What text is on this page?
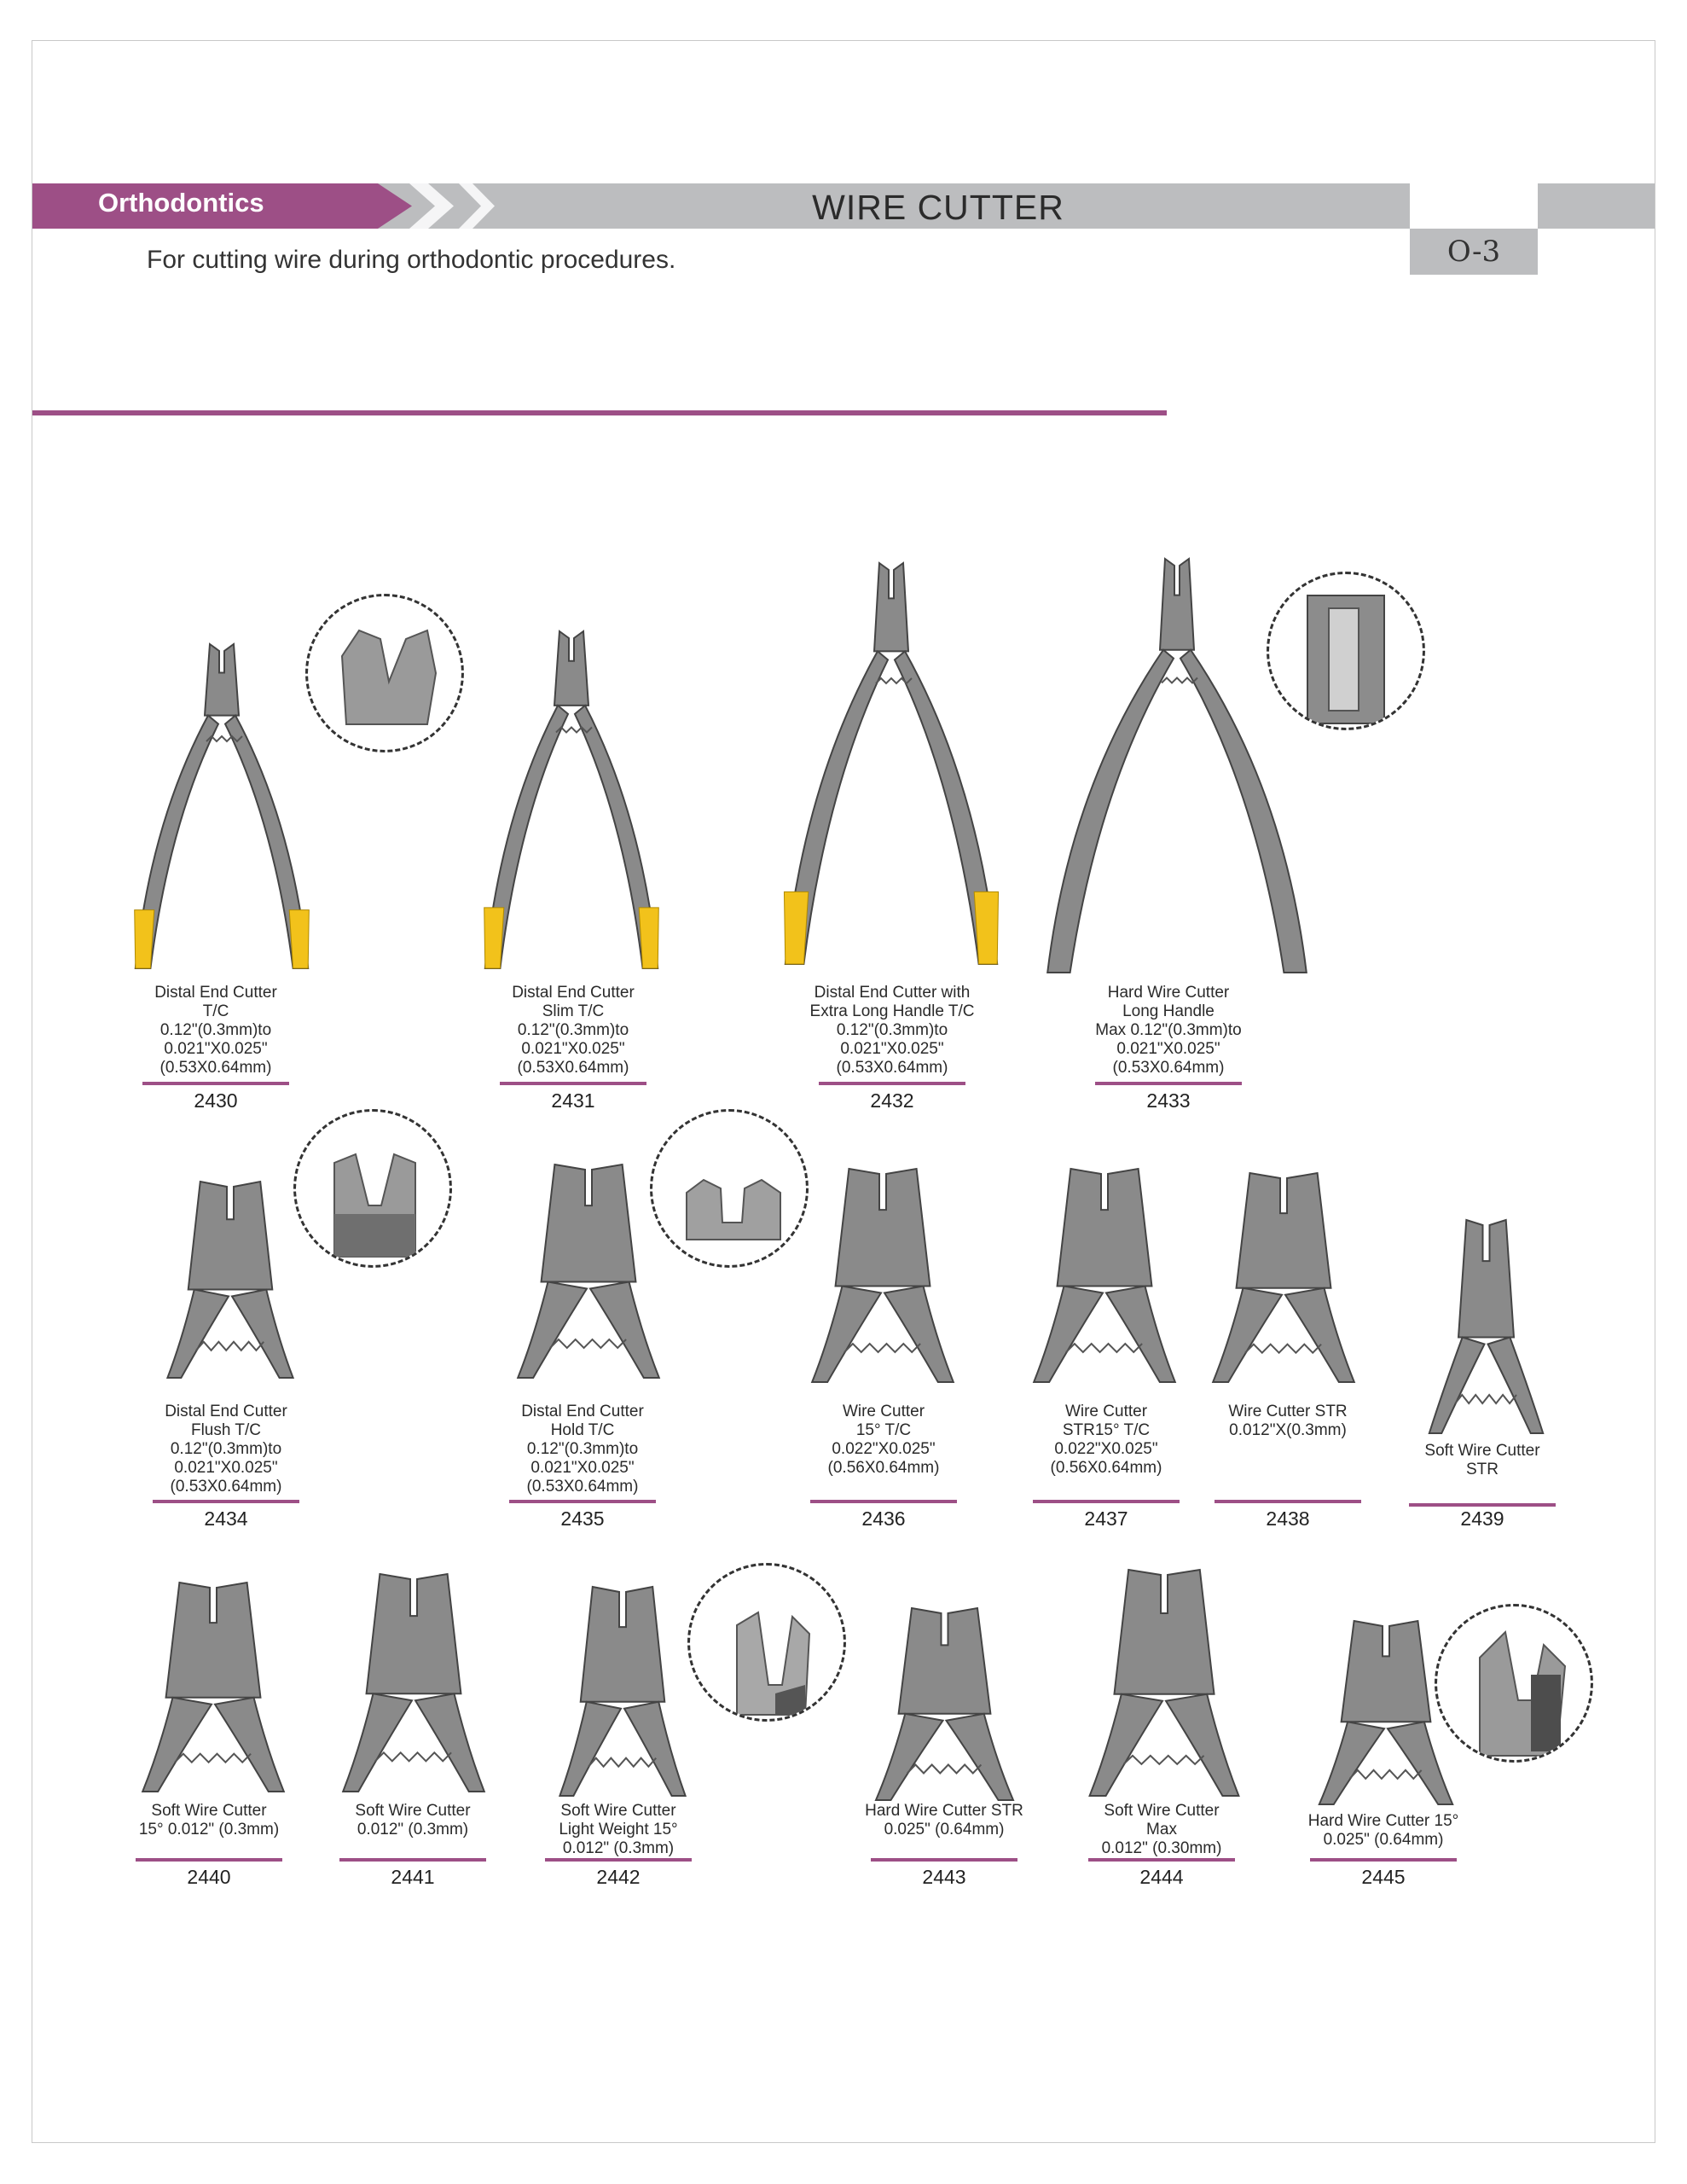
Orthodontics	WIRE CUTTER
O-3
For cutting wire during orthodontic procedures.
Distal End Cutter
T/C
0.12"(0.3mm)to
0.021"X0.025"
(0.53X0.64mm)
2430
Distal End Cutter
Slim T/C
0.12"(0.3mm)to
0.021"X0.025"
(0.53X0.64mm)
2431
Distal End Cutter with
Extra Long Handle T/C
0.12"(0.3mm)to
0.021"X0.025"
(0.53X0.64mm)
2432
Hard Wire Cutter
Long Handle
Max 0.12"(0.3mm)to
0.021"X0.025"
(0.53X0.64mm)
2433
Distal End Cutter
Flush T/C
0.12"(0.3mm)to
0.021"X0.025"
(0.53X0.64mm)
2434
Distal End Cutter
Hold T/C
0.12"(0.3mm)to
0.021"X0.025"
(0.53X0.64mm)
2435
Wire Cutter
15° T/C
0.022"X0.025"
(0.56X0.64mm)
2436
Wire Cutter
STR15° T/C
0.022"X0.025"
(0.56X0.64mm)
2437
Wire Cutter STR
0.012"X(0.3mm)
2438
Soft Wire Cutter
STR
2439
Soft Wire Cutter
15° 0.012" (0.3mm)
2440
Soft Wire Cutter
0.012" (0.3mm)
2441
Soft Wire Cutter
Light Weight 15°
0.012" (0.3mm)
2442
Hard Wire Cutter STR
0.025" (0.64mm)
2443
Soft Wire Cutter
Max
0.012" (0.30mm)
2444
Hard Wire Cutter 15°
0.025" (0.64mm)
2445
